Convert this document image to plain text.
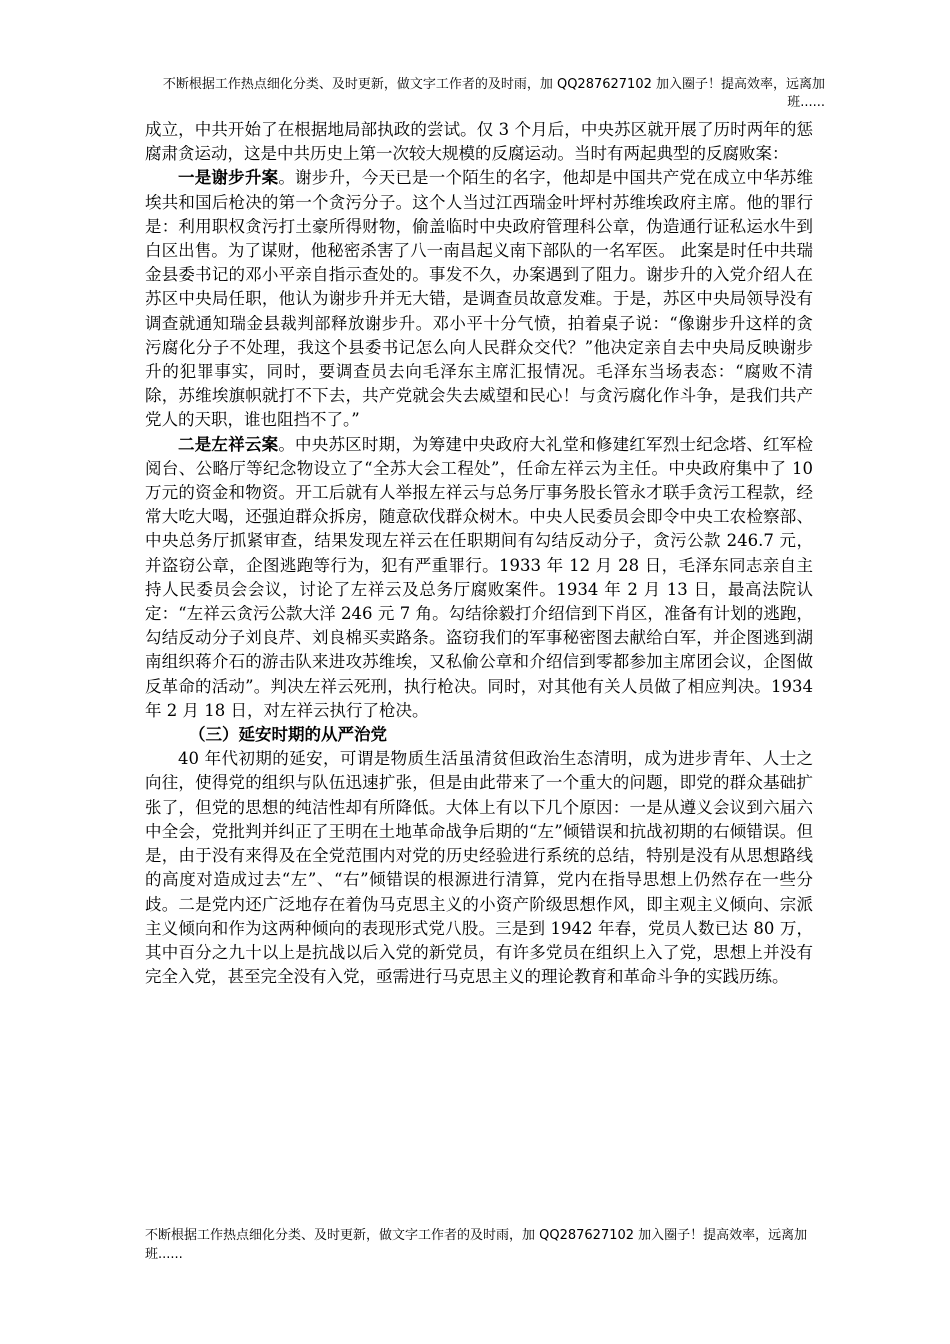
不断根据工作热点细化分类、及时更新，做文字工作者的及时雨，加 QQ287627102 加入圈子！提高效率，远离加班......

成立，中共开始了在根据地局部执政的尝试。仅 3 个月后，中央苏区就开展了历时两年的惩腐肃贪运动，这是中共历史上第一次较大规模的反腐运动。当时有两起典型的反腐败案：

一是谢步升案。谢步升，今天已是一个陌生的名字，他却是中国共产党在成立中华苏维埃共和国后枪决的第一个贪污分子。这个人当过江西瑞金叶坪村苏维埃政府主席。他的罪行是：利用职权贪污打土豪所得财物，偷盖临时中央政府管理科公章，伪造通行证私运水牛到白区出售。为了谋财，他秘密杀害了八一南昌起义南下部队的一名军医。 此案是时任中共瑞金县委书记的邓小平亲自指示查处的。事发不久，办案遇到了阻力。谢步升的入党介绍人在苏区中央局任职，他认为谢步升并无大错，是调查员故意发难。于是，苏区中央局领导没有调查就通知瑞金县裁判部释放谢步升。邓小平十分气愤，拍着桌子说：“像谢步升这样的贪污腐化分子不处理，我这个县委书记怎么向人民群众交代？”他决定亲自去中央局反映谢步升的犯罪事实，同时，要调查员去向毛泽东主席汇报情况。毛泽东当场表态：“腐败不清除，苏维埃旗帜就打不下去，共产党就会失去威望和民心！与贪污腐化作斗争，是我们共产党人的天职，谁也阻挡不了。”

二是左祥云案。中央苏区时期，为筹建中央政府大礼堂和修建红军烈士纪念塔、红军检阅台、公略厅等纪念物设立了“全苏大会工程处”，任命左祥云为主任。中央政府集中了 10 万元的资金和物资。开工后就有人举报左祥云与总务厅事务股长管永才联手贪污工程款，经常大吃大喝，还强迫群众拆房，随意砍伐群众树木。中央人民委员会即令中央工农检察部、中央总务厅抓紧审查，结果发现左祥云在任职期间有勾结反动分子，贪污公款 246.7 元，并盗窃公章，企图逃跑等行为，犯有严重罪行。1933 年 12 月 28 日，毛泽东同志亲自主持人民委员会会议，讨论了左祥云及总务厅腐败案件。1934 年 2 月 13 日，最高法院认定：“左祥云贪污公款大洋 246 元 7 角。勾结徐毅打介绍信到下肖区，准备有计划的逃跑，勾结反动分子刘良芹、刘良棉买卖路条。盗窃我们的军事秘密图去献给白军，并企图逃到湖南组织蒋介石的游击队来进攻苏维埃，又私偷公章和介绍信到零都参加主席团会议，企图做反革命的活动”。判决左祥云死刑，执行枪决。同时，对其他有关人员做了相应判决。1934 年 2 月 18 日，对左祥云执行了枪决。

（三）延安时期的从严治党

40 年代初期的延安，可谓是物质生活虽清贫但政治生态清明，成为进步青年、人士之向往，使得党的组织与队伍迅速扩张，但是由此带来了一个重大的问题，即党的群众基础扩张了，但党的思想的纯洁性却有所降低。大体上有以下几个原因：一是从遵义会议到六届六中全会，党批判并纠正了王明在土地革命战争后期的“左”倾错误和抗战初期的右倾错误。但是，由于没有来得及在全党范围内对党的历史经验进行系统的总结，特别是没有从思想路线的高度对造成过去“左”、“右”倾错误的根源进行清算，党内在指导思想上仍然存在一些分歧。二是党内还广泛地存在着伪马克思主义的小资产阶级思想作风，即主观主义倾向、宗派主义倾向和作为这两种倾向的表现形式党八股。三是到 1942 年春，党员人数已达 80 万，其中百分之九十以上是抗战以后入党的新党员，有许多党员在组织上入了党，思想上并没有完全入党，甚至完全没有入党，亟需进行马克思主义的理论教育和革命斗争的实践历练。

不断根据工作热点细化分类、及时更新，做文字工作者的及时雨，加 QQ287627102 加入圈子！提高效率，远离加班......
